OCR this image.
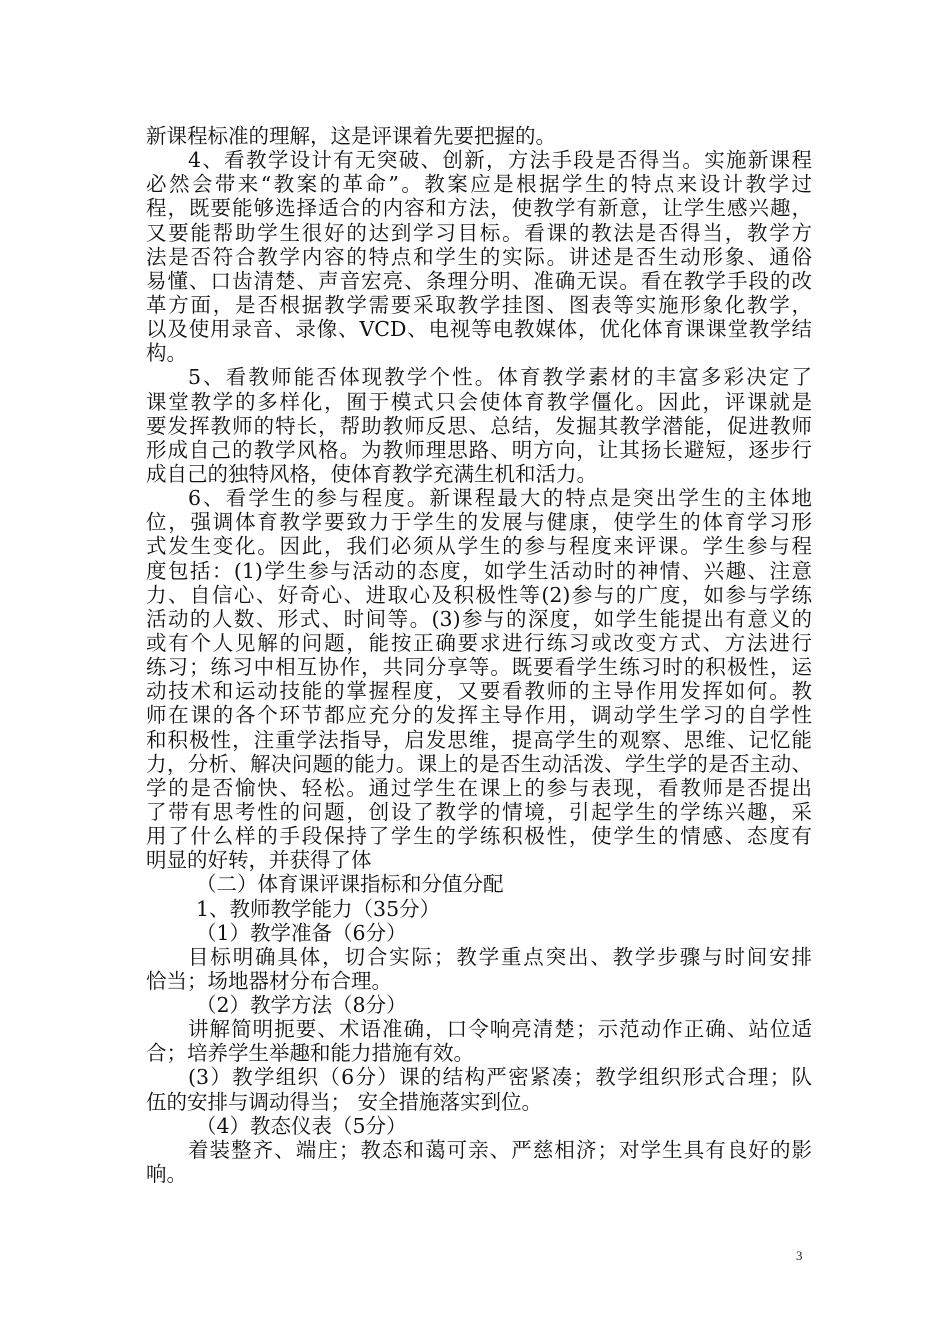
新课程标准的理解，这是评课着先要把握的。
4、看教学设计有无突破、创新，方法手段是否得当。实施新课程
必然会带来“教案的革命”。教案应是根据学生的特点来设计教学过
程，既要能够选择适合的内容和方法，使教学有新意，让学生感兴趣，
又要能帮助学生很好的达到学习目标。看课的教法是否得当，教学方
法是否符合教学内容的特点和学生的实际。讲述是否生动形象、通俗
易懂、口齿清楚、声音宏亮、条理分明、准确无误。看在教学手段的改
革方面，是否根据教学需要采取教学挂图、图表等实施形象化教学，
以及使用录音、录像、VCD、电视等电教媒体，优化体育课课堂教学结
构。
5、看教师能否体现教学个性。体育教学素材的丰富多彩决定了
课堂教学的多样化，囿于模式只会使体育教学僵化。因此，评课就是
要发挥教师的特长，帮助教师反思、总结，发掘其教学潜能，促进教师
形成自己的教学风格。为教师理思路、明方向，让其扬长避短，逐步行
成自己的独特风格，使体育教学充满生机和活力。
6、看学生的参与程度。新课程最大的特点是突出学生的主体地
位，强调体育教学要致力于学生的发展与健康，使学生的体育学习形
式发生变化。因此，我们必须从学生的参与程度来评课。学生参与程
度包括：(1)学生参与活动的态度，如学生活动时的神情、兴趣、注意
力、自信心、好奇心、进取心及积极性等(2)参与的广度，如参与学练
活动的人数、形式、时间等。(3)参与的深度，如学生能提出有意义的
或有个人见解的问题，能按正确要求进行练习或改变方式、方法进行
练习；练习中相互协作，共同分享等。既要看学生练习时的积极性，运
动技术和运动技能的掌握程度，又要看教师的主导作用发挥如何。教
师在课的各个环节都应充分的发挥主导作用，调动学生学习的自学性
和积极性，注重学法指导，启发思维，提高学生的观察、思维、记忆能
力，分析、解决问题的能力。课上的是否生动活泼、学生学的是否主动、
学的是否愉快、轻松。通过学生在课上的参与表现，看教师是否提出
了带有思考性的问题，创设了教学的情境，引起学生的学练兴趣，采
用了什么样的手段保持了学生的学练积极性，使学生的情感、态度有
明显的好转，并获得了体
（二）体育课评课指标和分值分配
1、教师教学能力（35分）
（1）教学准备（6分）
目标明确具体，切合实际；教学重点突出、教学步骤与时间安排
恰当；场地器材分布合理。
（2）教学方法（8分）
讲解简明扼要、术语准确，口令响亮清楚；示范动作正确、站位适
合；培养学生举趣和能力措施有效。
(3）教学组织（6分）课的结构严密紧凑；教学组织形式合理；队
伍的安排与调动得当； 安全措施落实到位。
（4）教态仪表（5分）
着装整齐、端庄；教态和蔼可亲、严慈相济；对学生具有良好的影
响。
3
